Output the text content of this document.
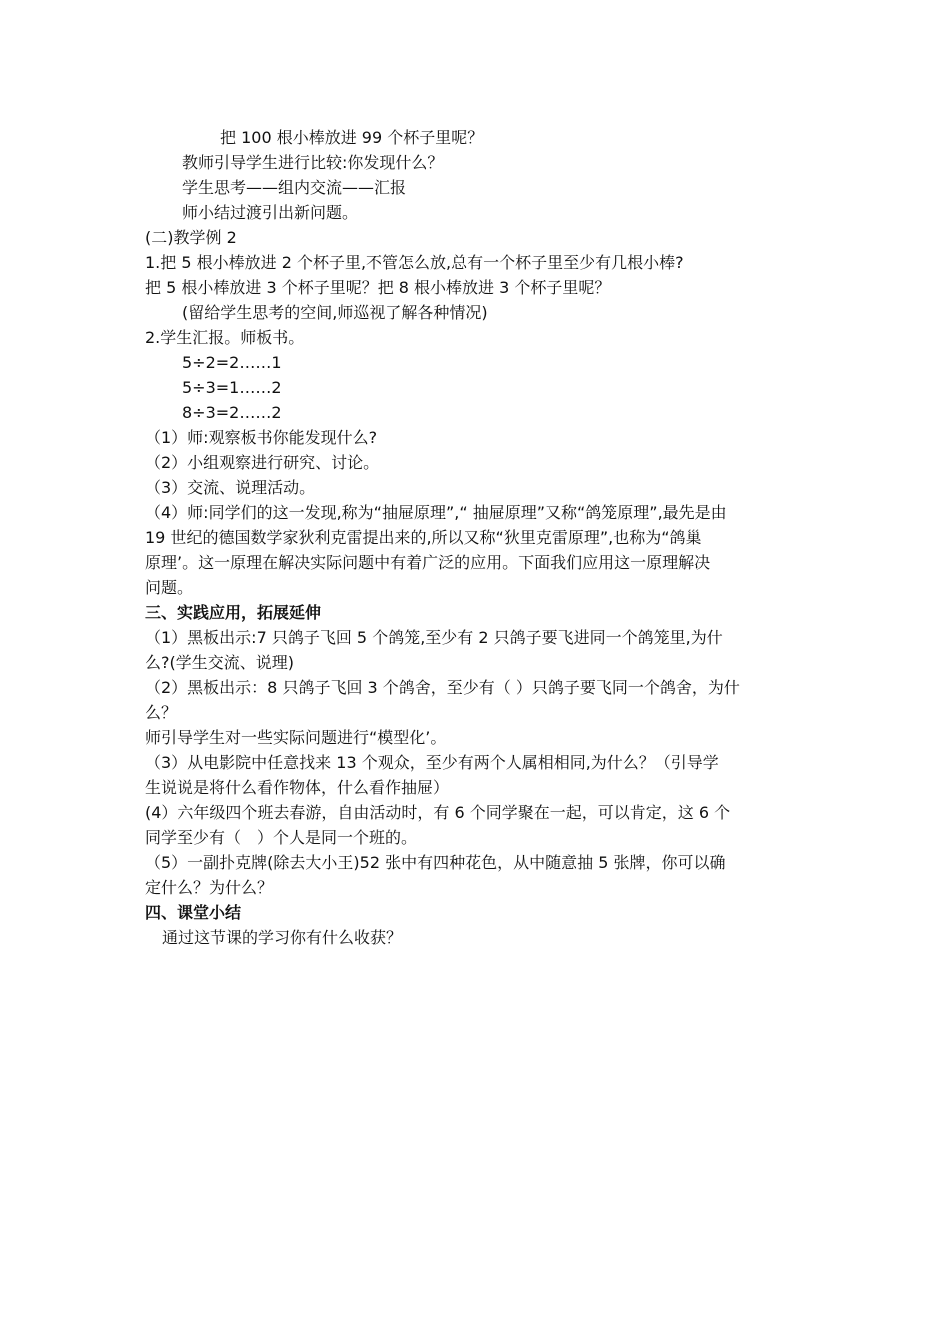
把 100 根小棒放进 99 个杯子里呢？
教师引导学生进行比较:你发现什么？
学生思考——组内交流——汇报
师小结过渡引出新问题。
(二)教学例 2
1.把 5 根小棒放进 2 个杯子里,不管怎么放,总有一个杯子里至少有几根小棒?
把 5 根小棒放进 3 个杯子里呢？把 8 根小棒放进 3 个杯子里呢？
(留给学生思考的空间,师巡视了解各种情况)
2.学生汇报。师板书。
5÷2=2……1
5÷3=1……2
8÷3=2……2
（1）师:观察板书你能发现什么?
（2）小组观察进行研究、讨论。
（3）交流、说理活动。
（4）师:同学们的这一发现,称为“抽屉原理”,“ 抽屉原理”又称“鸽笼原理”,最先是由
19 世纪的德国数学家狄利克雷提出来的,所以又称“狄里克雷原理”,也称为“鸽巢
原理’。这一原理在解决实际问题中有着广泛的应用。下面我们应用这一原理解决
问题。
三、实践应用，拓展延伸
（1）黑板出示:7 只鸽子飞回 5 个鸽笼,至少有 2 只鸽子要飞进同一个鸽笼里,为什
么?(学生交流、说理)
（2）黑板出示：8 只鸽子飞回 3 个鸽舍，至少有（ ）只鸽子要飞同一个鸽舍，为什
么？
师引导学生对一些实际问题进行“模型化’。
（3）从电影院中任意找来 13 个观众，至少有两个人属相相同,为什么？（引导学
生说说是将什么看作物体，什么看作抽屉）
(4）六年级四个班去春游，自由活动时，有 6 个同学聚在一起，可以肯定，这 6 个
同学至少有（　）个人是同一个班的。
（5）一副扑克牌(除去大小王)52 张中有四种花色，从中随意抽 5 张牌，你可以确
定什么？为什么？
四、课堂小结
通过这节课的学习你有什么收获？
